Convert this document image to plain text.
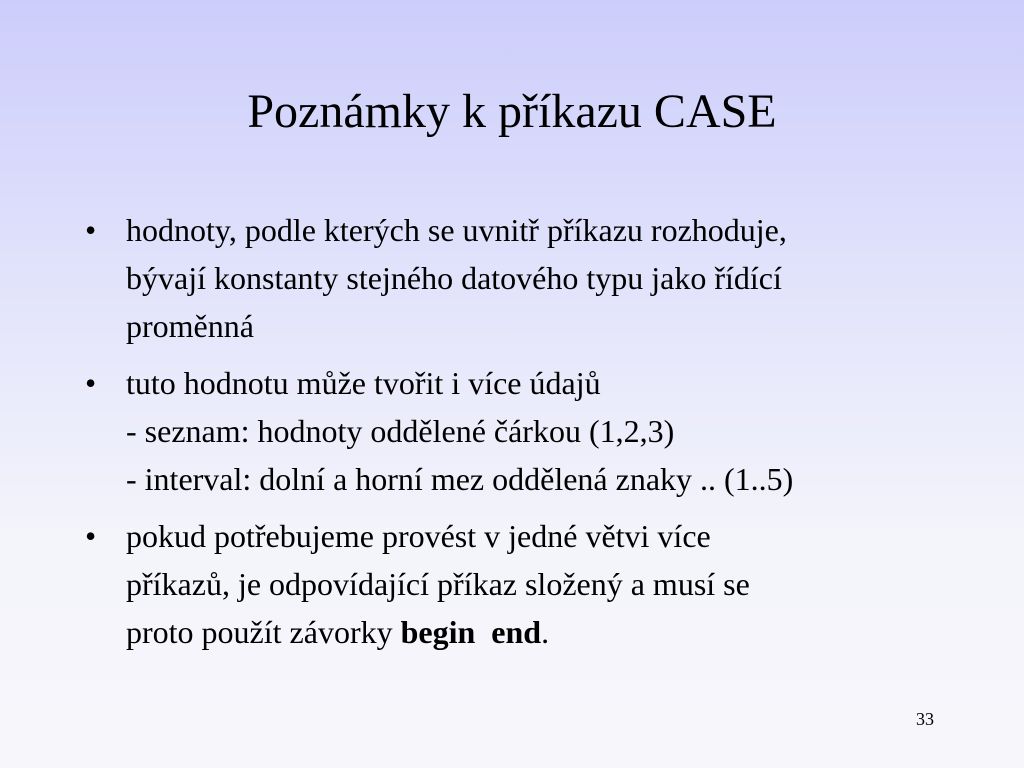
Poznámky k příkazu CASE
• hodnoty, podle kterých se uvnitř příkazu rozhoduje,
bývají konstanty stejného datového typu jako řídící
proměnná
• tuto hodnotu může tvořit i více údajů
- seznam: hodnoty oddělené čárkou (1,2,3)
- interval: dolní a horní mez oddělená znaky .. (1..5)
• pokud potřebujeme provést v jedné větvi více
příkazů, je odpovídající příkaz složený a musí se
proto použít závorky begin end.
33
